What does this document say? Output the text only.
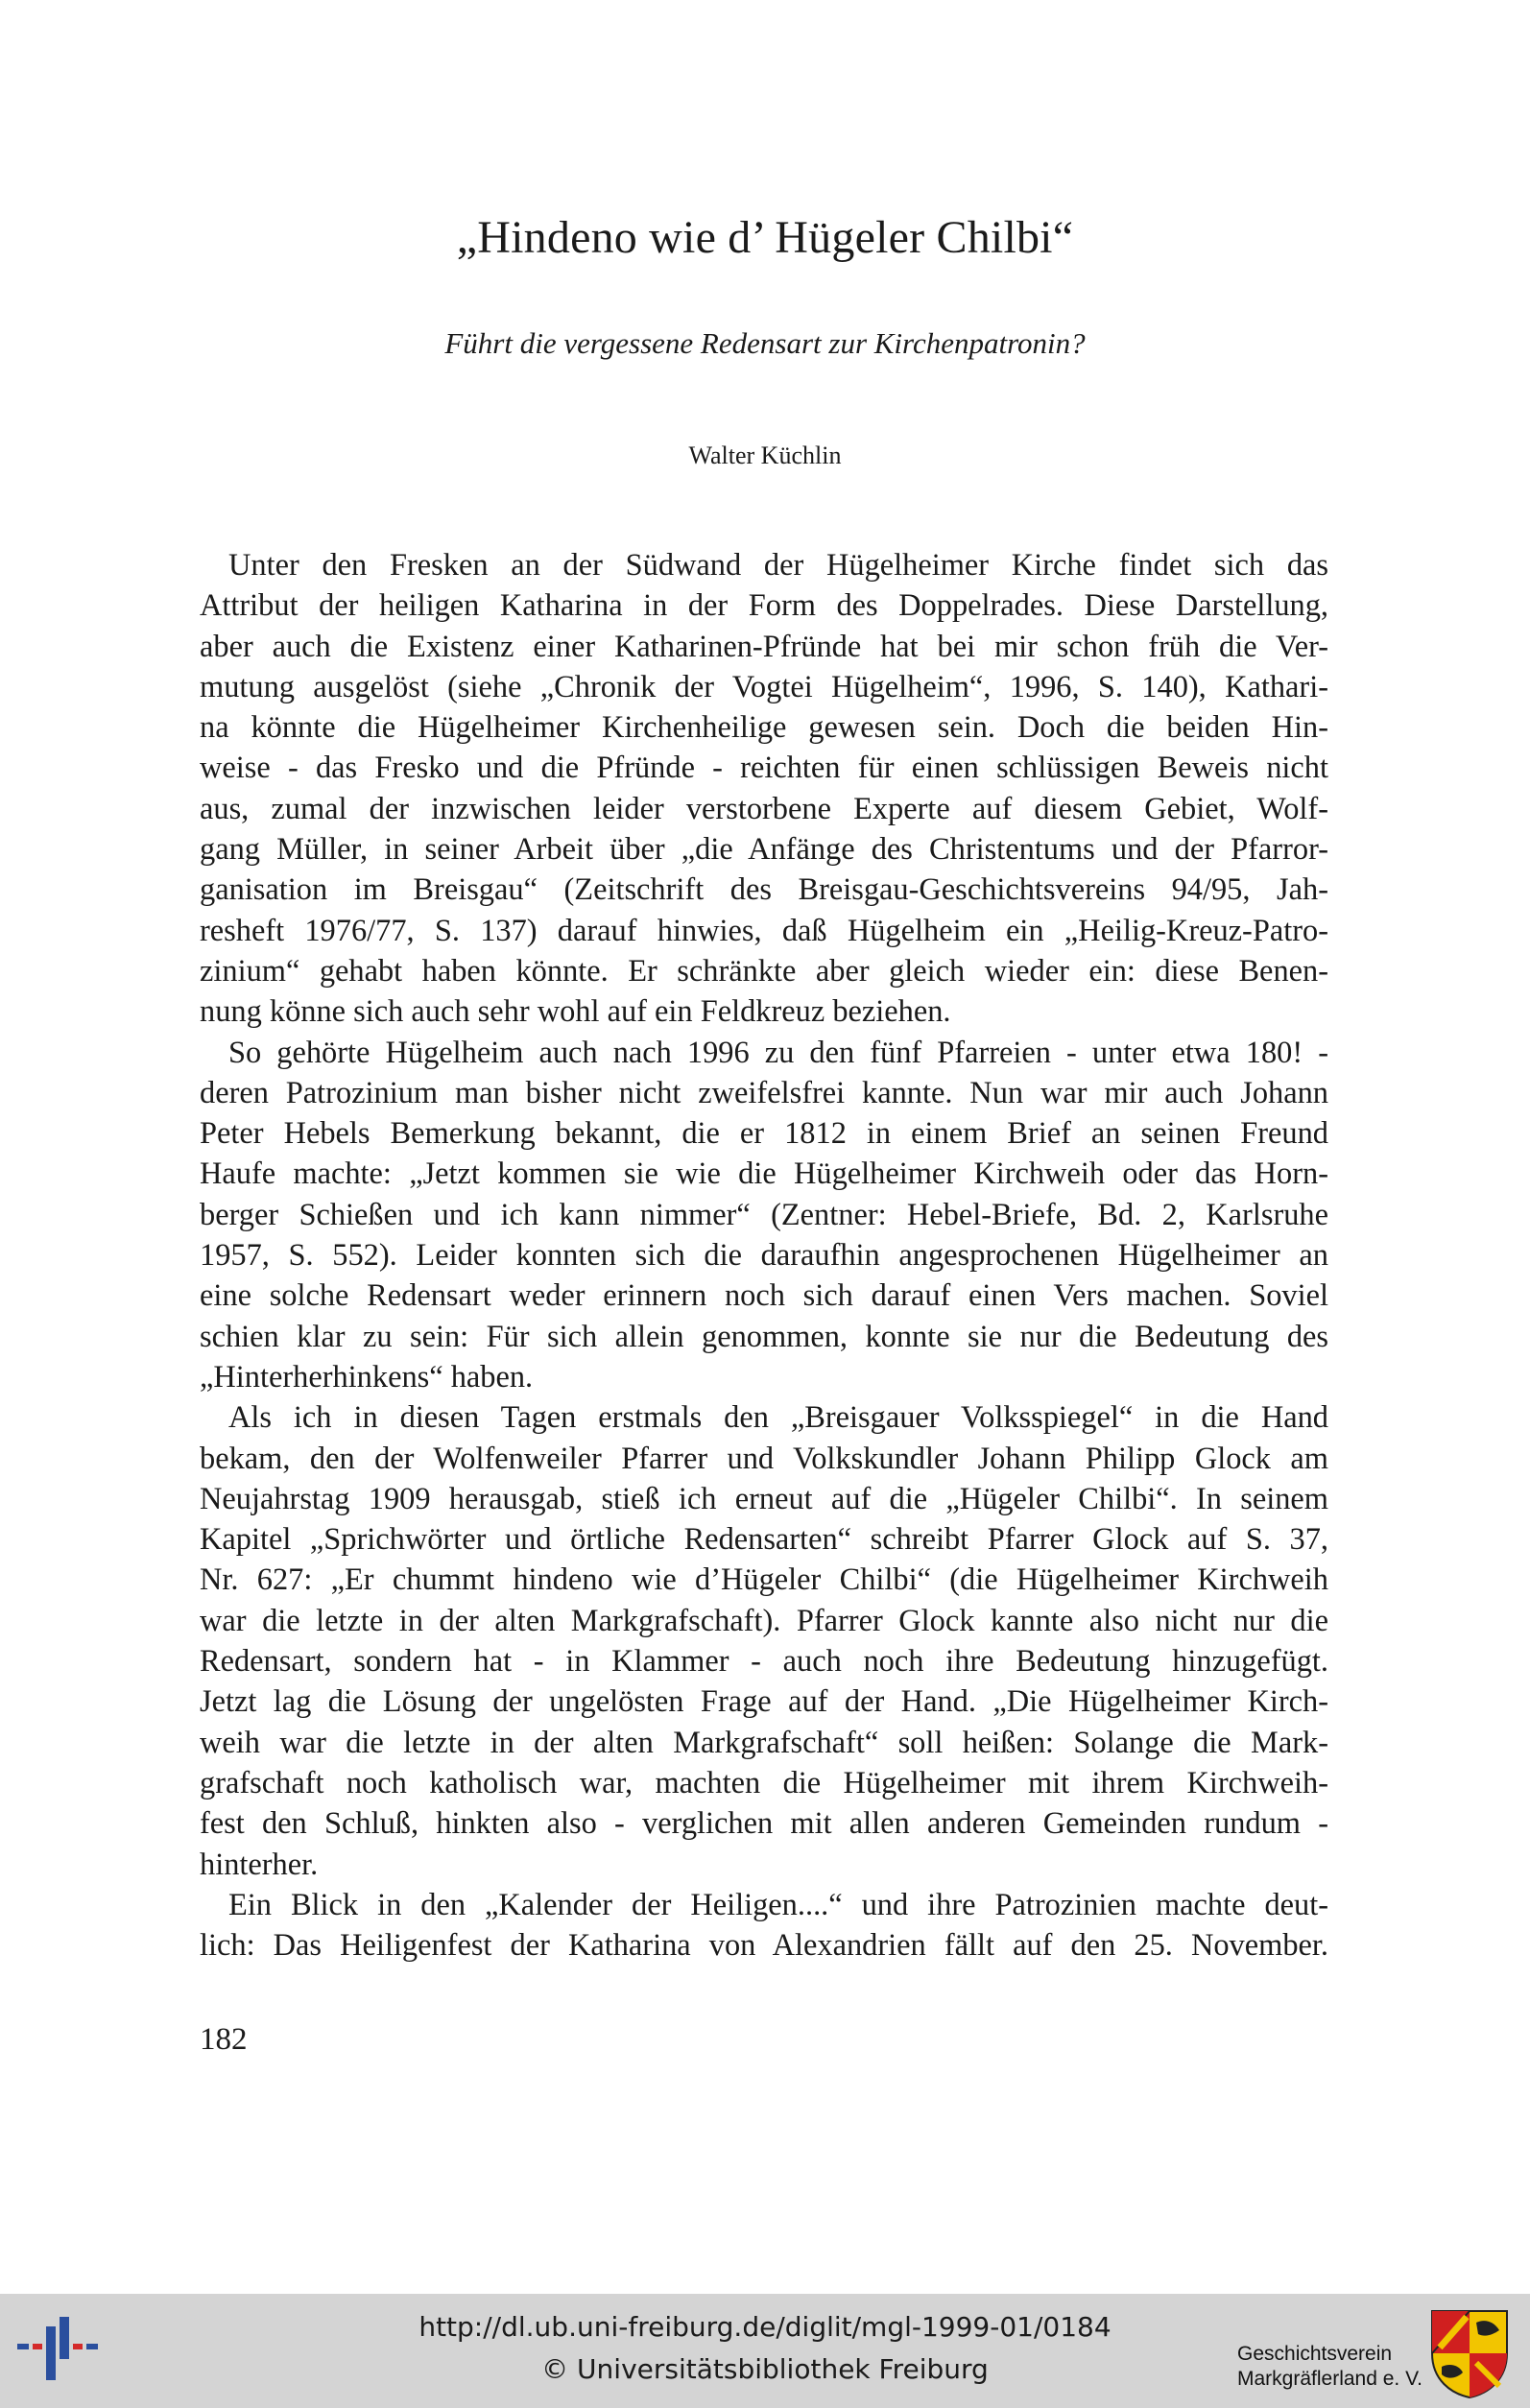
„Hindeno wie d’ Hügeler Chilbi“
Führt die vergessene Redensart zur Kirchenpatronin?
Walter Küchlin
Unter den Fresken an der Südwand der Hügelheimer Kirche findet sich das
Attribut der heiligen Katharina in der Form des Doppelrades. Diese Darstellung,
aber auch die Existenz einer Katharinen-Pfründe hat bei mir schon früh die Ver-
mutung ausgelöst (siehe „Chronik der Vogtei Hügelheim“, 1996, S. 140), Kathari-
na könnte die Hügelheimer Kirchenheilige gewesen sein. Doch die beiden Hin-
weise - das Fresko und die Pfründe - reichten für einen schlüssigen Beweis nicht
aus, zumal der inzwischen leider verstorbene Experte auf diesem Gebiet, Wolf-
gang Müller, in seiner Arbeit über „die Anfänge des Christentums und der Pfarror-
ganisation im Breisgau“ (Zeitschrift des Breisgau-Geschichtsvereins 94/95, Jah-
resheft 1976/77, S. 137) darauf hinwies, daß Hügelheim ein „Heilig-Kreuz-Patro-
zinium“ gehabt haben könnte. Er schränkte aber gleich wieder ein: diese Benen-
nung könne sich auch sehr wohl auf ein Feldkreuz beziehen.
So gehörte Hügelheim auch nach 1996 zu den fünf Pfarreien - unter etwa 180! -
deren Patrozinium man bisher nicht zweifelsfrei kannte. Nun war mir auch Johann
Peter Hebels Bemerkung bekannt, die er 1812 in einem Brief an seinen Freund
Haufe machte: „Jetzt kommen sie wie die Hügelheimer Kirchweih oder das Horn-
berger Schießen und ich kann nimmer“ (Zentner: Hebel-Briefe, Bd. 2, Karlsruhe
1957, S. 552). Leider konnten sich die daraufhin angesprochenen Hügelheimer an
eine solche Redensart weder erinnern noch sich darauf einen Vers machen. Soviel
schien klar zu sein: Für sich allein genommen, konnte sie nur die Bedeutung des
„Hinterherhinkens“ haben.
Als ich in diesen Tagen erstmals den „Breisgauer Volksspiegel“ in die Hand
bekam, den der Wolfenweiler Pfarrer und Volkskundler Johann Philipp Glock am
Neujahrstag 1909 herausgab, stieß ich erneut auf die „Hügeler Chilbi“. In seinem
Kapitel „Sprichwörter und örtliche Redensarten“ schreibt Pfarrer Glock auf S. 37,
Nr. 627: „Er chummt hindeno wie d’Hügeler Chilbi“ (die Hügelheimer Kirchweih
war die letzte in der alten Markgrafschaft). Pfarrer Glock kannte also nicht nur die
Redensart, sondern hat - in Klammer - auch noch ihre Bedeutung hinzugefügt.
Jetzt lag die Lösung der ungelösten Frage auf der Hand. „Die Hügelheimer Kirch-
weih war die letzte in der alten Markgrafschaft“ soll heißen: Solange die Mark-
grafschaft noch katholisch war, machten die Hügelheimer mit ihrem Kirchweih-
fest den Schluß, hinkten also - verglichen mit allen anderen Gemeinden rundum -
hinterher.
Ein Blick in den „Kalender der Heiligen....“ und ihre Patrozinien machte deut-
lich: Das Heiligenfest der Katharina von Alexandrien fällt auf den 25. November.
182
http://dl.ub.uni-freiburg.de/diglit/mgl-1999-01/0184
© Universitätsbibliothek Freiburg	Geschichtsverein
Markgräflerland e. V.
